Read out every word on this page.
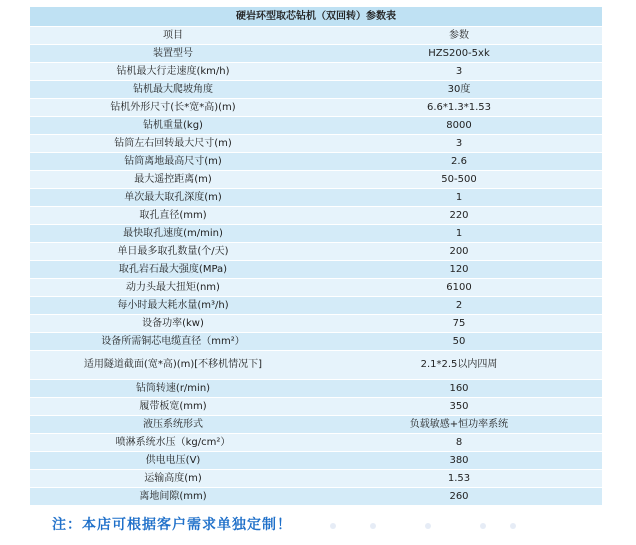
硬岩环型取芯钻机（双回转）参数表	
项目	参数
装置型号	HZS200-5xk
钻机最大行走速度(km/h)	3
钻机最大爬坡角度	30度
钻机外形尺寸(长*宽*高)(m)	6.6*1.3*1.53
钻机重量(kg)	8000
钻筒左右回转最大尺寸(m)	3
钻筒离地最高尺寸(m)	2.6
最大遥控距离(m)	50-500
单次最大取孔深度(m)	1
取孔直径(mm)	220
最快取孔速度(m/min)	1
单日最多取孔数量(个/天)	200
取孔岩石最大强度(MPa)	120
动力头最大扭矩(nm)	6100
每小时最大耗水量(m³/h)	2
设备功率(kw)	75
设备所需铜芯电缆直径（mm²）	50
适用隧道截面(宽*高)(m)[不移机情况下]	2.1*2.5以内四周
钻筒转速(r/min)	160
履带板宽(mm)	350
液压系统形式	负载敏感+恒功率系统
喷淋系统水压（kg/cm²）	8
供电电压(V)	380
运输高度(m)	1.53
离地间隙(mm)	260
注：本店可根据客户需求单独定制！
